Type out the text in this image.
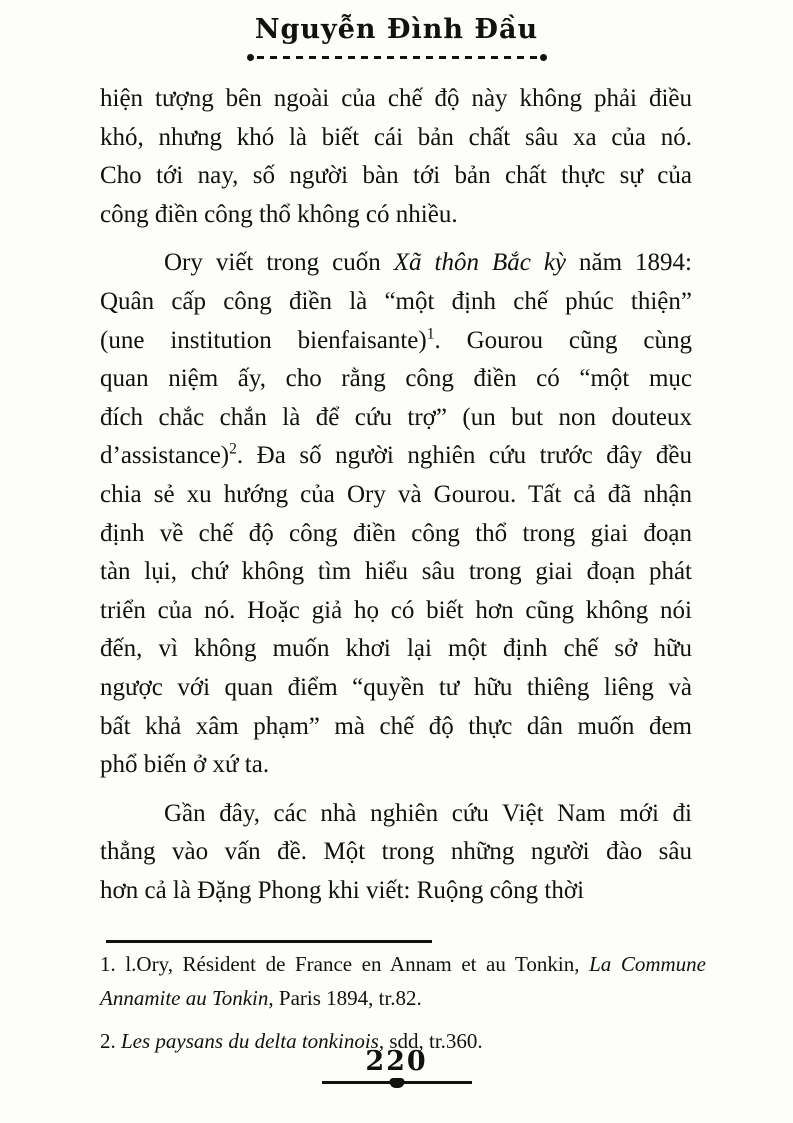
Nguyễn Đình Đầu
hiện tượng bên ngoài của chế độ này không phải điều
khó, nhưng khó là biết cái bản chất sâu xa của nó.
Cho tới nay, số người bàn tới bản chất thực sự của
công điền công thổ không có nhiều.
Ory viết trong cuốn Xã thôn Bắc kỳ năm 1894:
Quân cấp công điền là “một định chế phúc thiện”
(une institution bienfaisante)$^1$. Gourou cũng cùng
quan niệm ấy, cho rằng công điền có “một mục
đích chắc chắn là để cứu trợ” (un but non douteux
d’assistance)$^2$. Đa số người nghiên cứu trước đây đều
chia sẻ xu hướng của Ory và Gourou. Tất cả đã nhận
định về chế độ công điền công thổ trong giai đoạn
tàn lụi, chứ không tìm hiểu sâu trong giai đoạn phát
triển của nó. Hoặc giả họ có biết hơn cũng không nói
đến, vì không muốn khơi lại một định chế sở hữu
ngược với quan điểm “quyền tư hữu thiêng liêng và
bất khả xâm phạm” mà chế độ thực dân muốn đem
phổ biến ở xứ ta.
Gần đây, các nhà nghiên cứu Việt Nam mới đi
thẳng vào vấn đề. Một trong những người đào sâu
hơn cả là Đặng Phong khi viết: Ruộng công thời
1. l.Ory, Résident de France en Annam et au Tonkin, La Commune
Annamite au Tonkin, Paris 1894, tr.82.
2. Les paysans du delta tonkinois, sdd, tr.360.
220
